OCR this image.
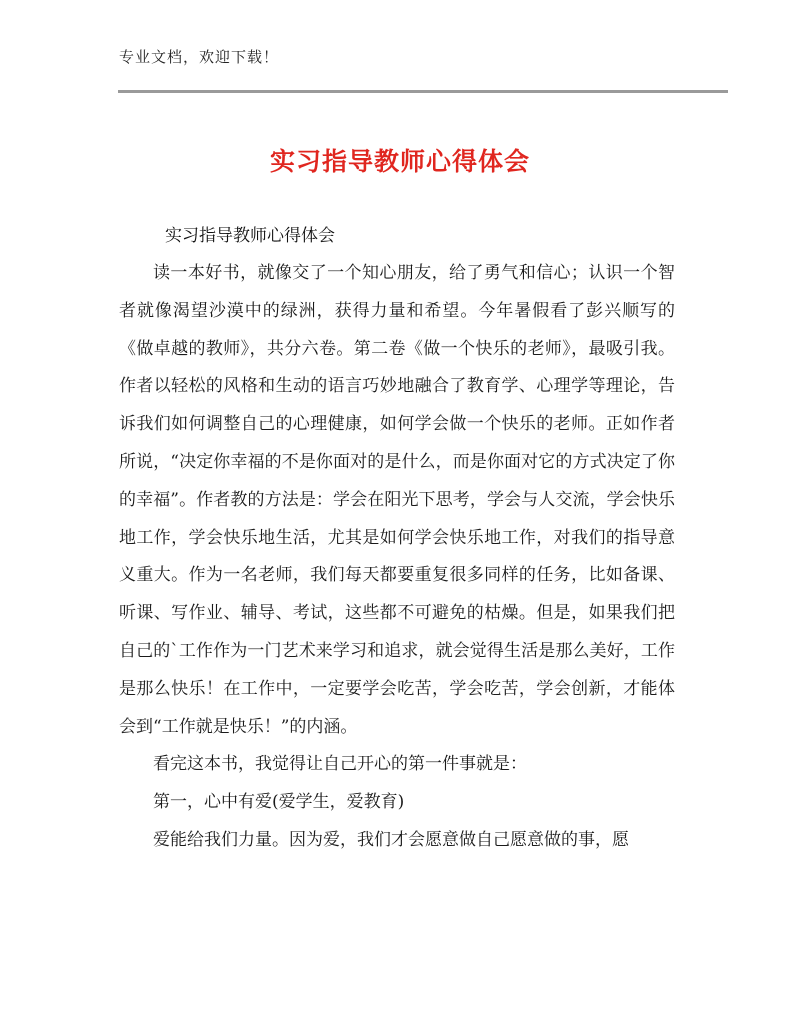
专业文档，欢迎下载！
实习指导教师心得体会
实习指导教师心得体会

读一本好书，就像交了一个知心朋友，给了勇气和信心；认识一个智者就像渴望沙漠中的绿洲，获得力量和希望。今年暑假看了彭兴顺写的《做卓越的教师》，共分六卷。第二卷《做一个快乐的老师》，最吸引我。作者以轻松的风格和生动的语言巧妙地融合了教育学、心理学等理论，告诉我们如何调整自己的心理健康，如何学会做一个快乐的老师。正如作者所说，“决定你幸福的不是你面对的是什么，而是你面对它的方式决定了你的幸福”。作者教的方法是：学会在阳光下思考，学会与人交流，学会快乐地工作，学会快乐地生活，尤其是如何学会快乐地工作，对我们的指导意义重大。作为一名老师，我们每天都要重复很多同样的任务，比如备课、听课、写作业、辅导、考试，这些都不可避免的枯燥。但是，如果我们把自己的`工作作为一门艺术来学习和追求，就会觉得生活是那么美好，工作是那么快乐！在工作中，一定要学会吃苦，学会吃苦，学会创新，才能体会到“工作就是快乐！”的内涵。

看完这本书，我觉得让自己开心的第一件事就是：

第一，心中有爱(爱学生，爱教育)

爱能给我们力量。因为爱，我们才会愿意做自己愿意做的事，愿
